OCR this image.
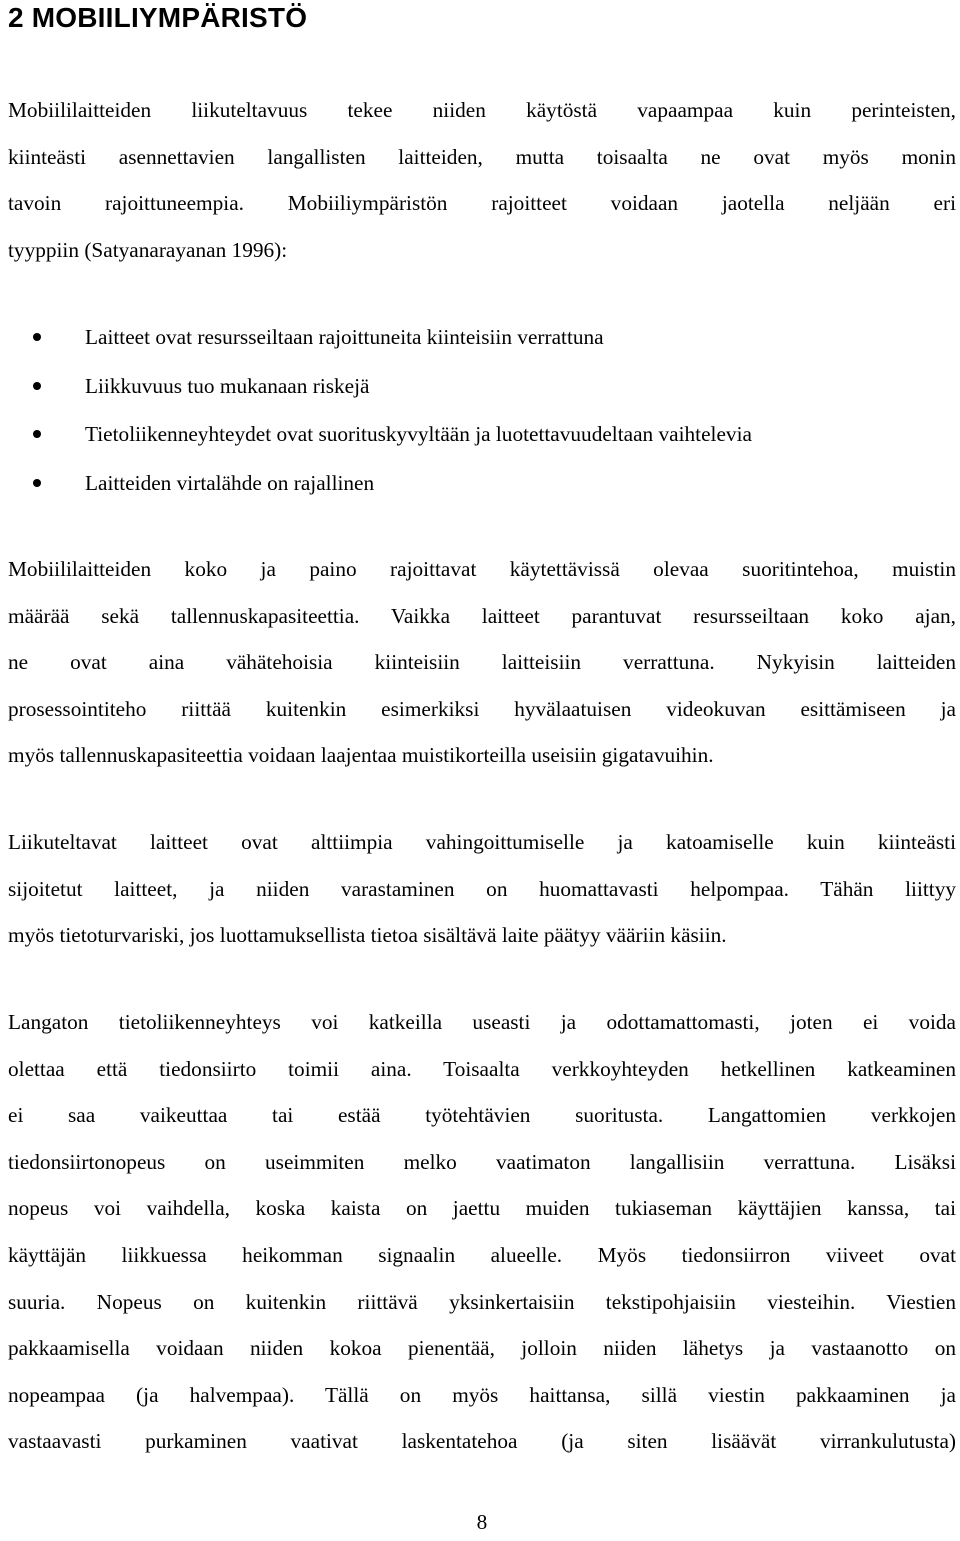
2 MOBIILIYMPÄRISTÖ
Mobiililaitteiden liikuteltavuus tekee niiden käytöstä vapaampaa kuin perinteisten,
kiinteästi asennettavien langallisten laitteiden, mutta toisaalta ne ovat myös monin
tavoin rajoittuneempia. Mobiiliympäristön rajoitteet voidaan jaotella neljään eri
tyyppiin (Satyanarayanan 1996):
Laitteet ovat resursseiltaan rajoittuneita kiinteisiin verrattuna
Liikkuvuus tuo mukanaan riskejä
Tietoliikenneyhteydet ovat suorituskyvyltään ja luotettavuudeltaan vaihtelevia
Laitteiden virtalähde on rajallinen
Mobiililaitteiden koko ja paino rajoittavat käytettävissä olevaa suoritintehoa, muistin
määrää sekä tallennuskapasiteettia. Vaikka laitteet parantuvat resursseiltaan koko ajan,
ne ovat aina vähätehoisia kiinteisiin laitteisiin verrattuna. Nykyisin laitteiden
prosessointiteho riittää kuitenkin esimerkiksi hyvälaatuisen videokuvan esittämiseen ja
myös tallennuskapasiteettia voidaan laajentaa muistikorteilla useisiin gigatavuihin.
Liikuteltavat laitteet ovat alttiimpia vahingoittumiselle ja katoamiselle kuin kiinteästi
sijoitetut laitteet, ja niiden varastaminen on huomattavasti helpompaa. Tähän liittyy
myös tietoturvariski, jos luottamuksellista tietoa sisältävä laite päätyy vääriin käsiin.
Langaton tietoliikenneyhteys voi katkeilla useasti ja odottamattomasti, joten ei voida
olettaa että tiedonsiirto toimii aina. Toisaalta verkkoyhteyden hetkellinen katkeaminen
ei saa vaikeuttaa tai estää työtehtävien suoritusta. Langattomien verkkojen
tiedonsiirtonopeus on useimmiten melko vaatimaton langallisiin verrattuna. Lisäksi
nopeus voi vaihdella, koska kaista on jaettu muiden tukiaseman käyttäjien kanssa, tai
käyttäjän liikkuessa heikomman signaalin alueelle. Myös tiedonsiirron viiveet ovat
suuria. Nopeus on kuitenkin riittävä yksinkertaisiin tekstipohjaisiin viesteihin. Viestien
pakkaamisella voidaan niiden kokoa pienentää, jolloin niiden lähetys ja vastaanotto on
nopeampaa (ja halvempaa). Tällä on myös haittansa, sillä viestin pakkaaminen ja
vastaavasti purkaminen vaativat laskentatehoa (ja siten lisäävät virrankulutusta)
8
